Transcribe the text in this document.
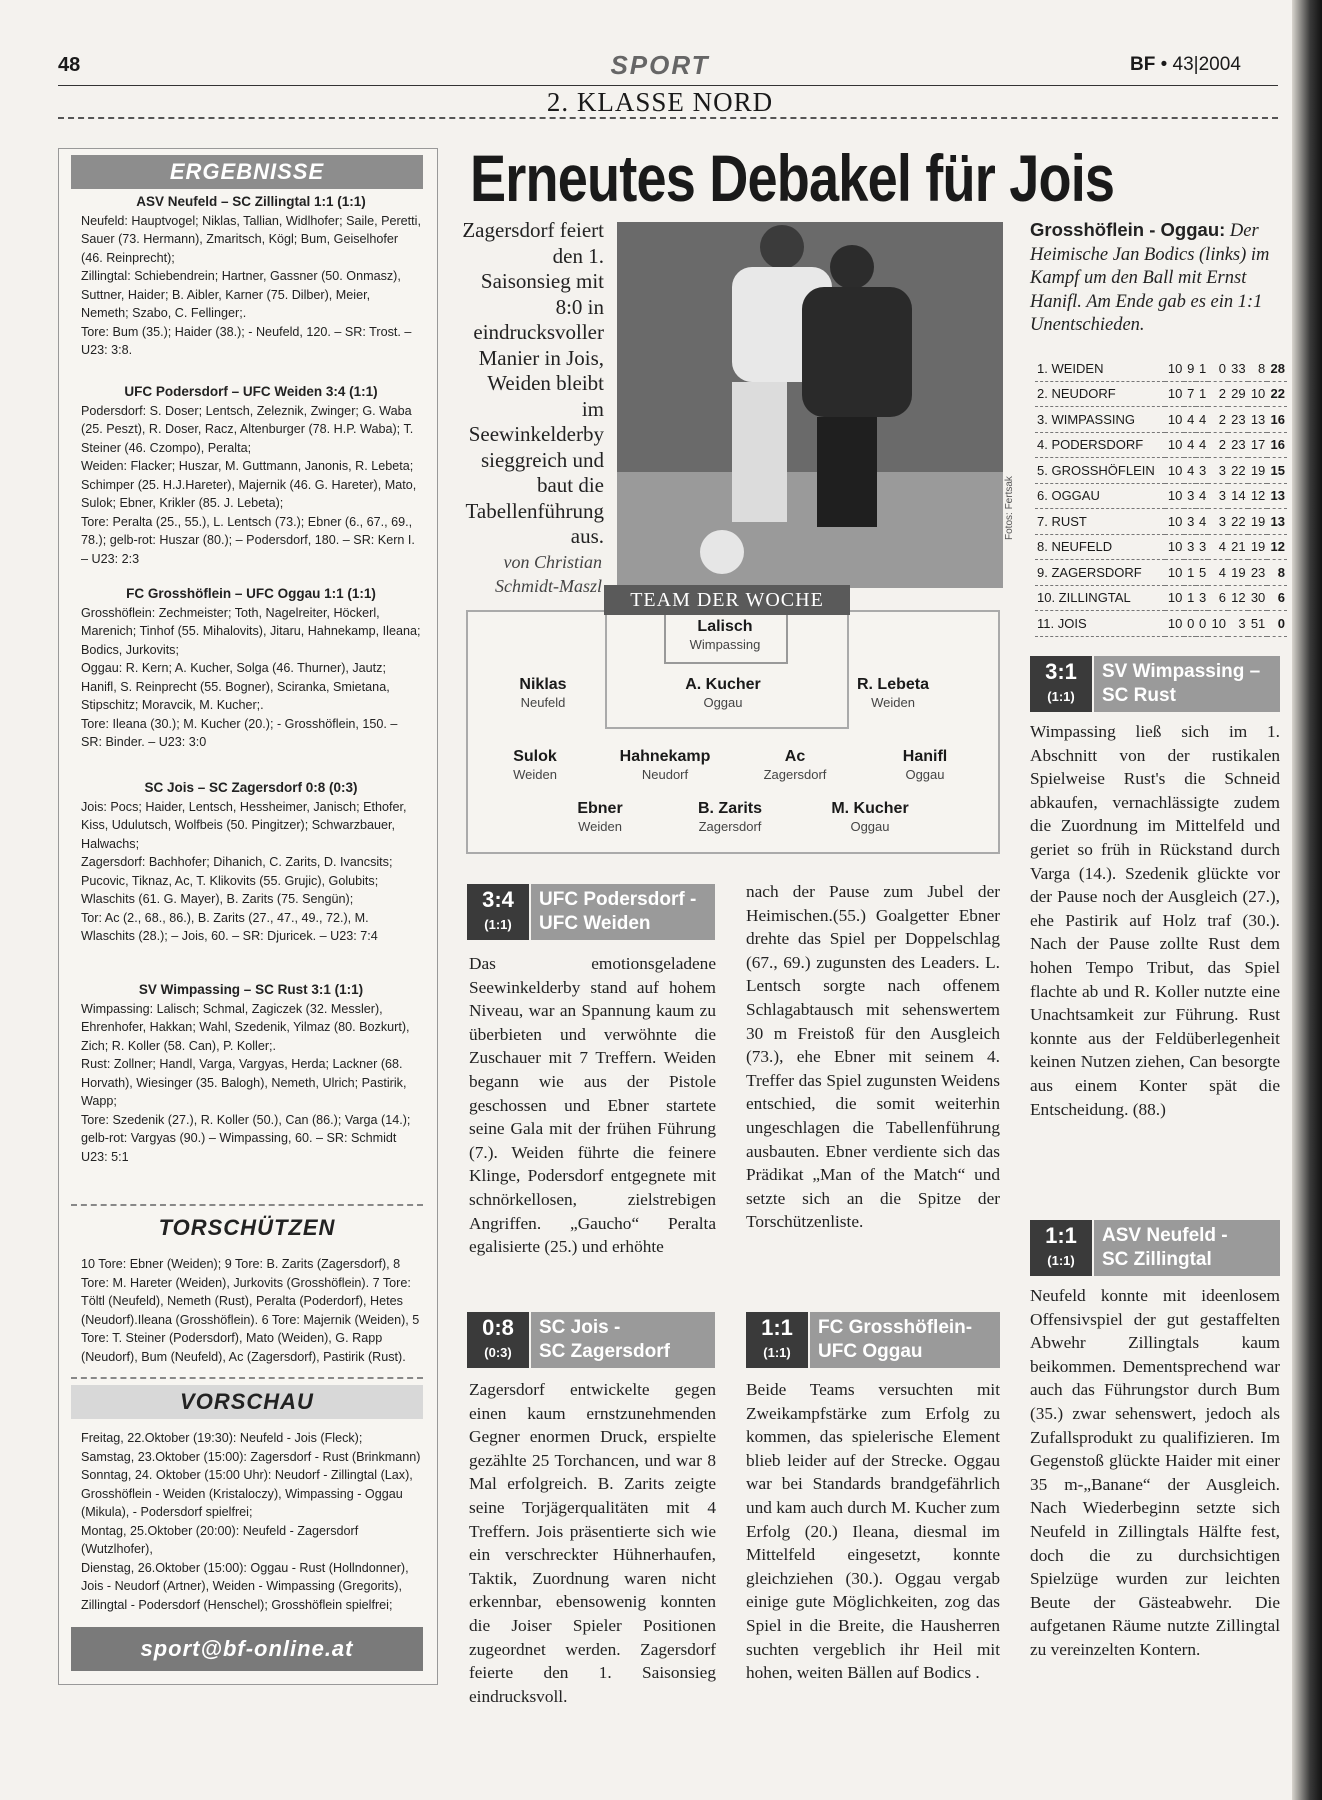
48	SPORT	BF • 43|2004
2. KLASSE NORD
ERGEBNISSE
ASV Neufeld – SC Zillingtal 1:1 (1:1)
Neufeld: Hauptvogel; Niklas, Tallian, Widlhofer; Saile, Peretti, Sauer (73. Hermann), Zmaritsch, Kögl; Bum, Geiselhofer (46. Reinprecht);
Zillingtal: Schiebendrein; Hartner, Gassner (50. Onmasz), Suttner, Haider; B. Aibler, Karner (75. Dilber), Meier, Nemeth; Szabo, C. Fellinger;.
Tore: Bum (35.); Haider (38.); - Neufeld, 120. – SR: Trost. – U23: 3:8.
UFC Podersdorf – UFC Weiden 3:4 (1:1)
Podersdorf: S. Doser; Lentsch, Zeleznik, Zwinger; G. Waba (25. Peszt), R. Doser, Racz, Altenburger (78. H.P. Waba); T. Steiner (46. Czompo), Peralta;
Weiden: Flacker; Huszar, M. Guttmann, Janonis, R. Lebeta; Schimper (25. H.J.Hareter), Majernik (46. G. Hareter), Mato, Sulok; Ebner, Krikler (85. J. Lebeta);
Tore: Peralta (25., 55.), L. Lentsch (73.); Ebner (6., 67., 69., 78.); gelb-rot: Huszar (80.); – Podersdorf, 180. – SR: Kern I. – U23: 2:3
FC Grosshöflein – UFC Oggau 1:1 (1:1)
Grosshöflein: Zechmeister; Toth, Nagelreiter, Höckerl, Marenich; Tinhof (55. Mihalovits), Jitaru, Hahnekamp, Ileana; Bodics, Jurkovits;
Oggau: R. Kern; A. Kucher, Solga (46. Thurner), Jautz; Hanifl, S. Reinprecht (55. Bogner), Sciranka, Smietana, Stipschitz; Moravcik, M. Kucher;.
Tore: Ileana (30.); M. Kucher (20.); - Grosshöflein, 150. – SR: Binder. – U23: 3:0
SC Jois – SC Zagersdorf 0:8 (0:3)
Jois: Pocs; Haider, Lentsch, Hessheimer, Janisch; Ethofer, Kiss, Udulutsch, Wolfbeis (50. Pingitzer); Schwarzbauer, Halwachs;
Zagersdorf: Bachhofer; Dihanich, C. Zarits, D. Ivancsits; Pucovic, Tiknaz, Ac, T. Klikovits (55. Grujic), Golubits; Wlaschits (61. G. Mayer), B. Zarits (75. Sengün);
Tor: Ac (2., 68., 86.), B. Zarits (27., 47., 49., 72.), M. Wlaschits (28.); – Jois, 60. – SR: Djuricek. – U23: 7:4
SV Wimpassing – SC Rust 3:1 (1:1)
Wimpassing: Lalisch; Schmal, Zagiczek (32. Messler), Ehrenhofer, Hakkan; Wahl, Szedenik, Yilmaz (80. Bozkurt), Zich; R. Koller (58. Can), P. Koller;.
Rust: Zollner; Handl, Varga, Vargyas, Herda; Lackner (68. Horvath), Wiesinger (35. Balogh), Nemeth, Ulrich; Pastirik, Wapp;
Tore: Szedenik (27.), R. Koller (50.), Can (86.); Varga (14.); gelb-rot: Vargyas (90.) – Wimpassing, 60. – SR: Schmidt U23: 5:1
TORSCHÜTZEN
10 Tore: Ebner (Weiden); 9 Tore: B. Zarits (Zagersdorf), 8 Tore: M. Hareter (Weiden), Jurkovits (Grosshöflein). 7 Tore: Töltl (Neufeld), Nemeth (Rust), Peralta (Poderdorf), Hetes (Neudorf).Ileana (Grosshöflein). 6 Tore: Majernik (Weiden), 5 Tore: T. Steiner (Podersdorf), Mato (Weiden), G. Rapp (Neudorf), Bum (Neufeld), Ac (Zagersdorf), Pastirik (Rust).
VORSCHAU
Freitag, 22.Oktober (19:30): Neufeld - Jois (Fleck);
Samstag, 23.Oktober (15:00): Zagersdorf - Rust (Brinkmann)
Sonntag, 24. Oktober (15:00 Uhr): Neudorf - Zillingtal (Lax), Grosshöflein - Weiden (Kristaloczy), Wimpassing - Oggau (Mikula), - Podersdorf spielfrei;
Montag, 25.Oktober (20:00): Neufeld - Zagersdorf (Wutzlhofer),
Dienstag, 26.Oktober (15:00): Oggau - Rust (Hollndonner), Jois - Neudorf (Artner), Weiden - Wimpassing (Gregorits), Zillingtal - Podersdorf (Henschel); Grosshöflein spielfrei;
sport@bf-online.at
Erneutes Debakel für Jois
Zagersdorf feiert den 1. Saisonsieg mit 8:0 in eindrucksvoller Manier in Jois, Weiden bleibt im Seewinkelderby sieggreich und baut die Tabellenführung aus.
von Christian Schmidt-Maszl
Fotos: Fertsak
Grosshöflein - Oggau: Der Heimische Jan Bodics (links) im Kampf um den Ball mit Ernst Hanifl. Am Ende gab es ein 1:1 Unentschieden.
1. WEIDEN	10	9	1	0	33	8	28
2. NEUDORF	10	7	1	2	29	10	22
3. WIMPASSING	10	4	4	2	23	13	16
4. PODERSDORF	10	4	4	2	23	17	16
5. GROSSHÖFLEIN	10	4	3	3	22	19	15
6. OGGAU	10	3	4	3	14	12	13
7. RUST	10	3	4	3	22	19	13
8. NEUFELD	10	3	3	4	21	19	12
9. ZAGERSDORF	10	1	5	4	19	23	8
10. ZILLINGTAL	10	1	3	6	12	30	6
11. JOIS	10	0	0	10	3	51	0
TEAM DER WOCHE
Lalisch
Wimpassing
Niklas
Neufeld
A. Kucher
Oggau
R. Lebeta
Weiden
Sulok
Weiden
Hahnekamp
Neudorf
Ac
Zagersdorf
Hanifl
Oggau
Ebner
Weiden
B. Zarits
Zagersdorf
M. Kucher
Oggau
3:4
(1:1)
UFC Podersdorf -
UFC Weiden
Das emotionsgeladene Seewinkelderby stand auf hohem Niveau, war an Spannung kaum zu überbieten und verwöhnte die Zuschauer mit 7 Treffern. Weiden begann wie aus der Pistole geschossen und Ebner startete seine Gala mit der frühen Führung (7.). Weiden führte die feinere Klinge, Podersdorf entgegnete mit schnörkellosen, zielstrebigen Angriffen. „Gaucho“ Peralta egalisierte (25.) und erhöhte
nach der Pause zum Jubel der Heimischen.(55.) Goalgetter Ebner drehte das Spiel per Doppelschlag (67., 69.) zugunsten des Leaders. L. Lentsch sorgte nach offenem Schlagabtausch mit sehenswertem 30 m Freistoß für den Ausgleich (73.), ehe Ebner mit seinem 4. Treffer das Spiel zugunsten Weidens entschied, die somit weiterhin ungeschlagen die Tabellenführung ausbauten. Ebner verdiente sich das Prädikat „Man of the Match“ und setzte sich an die Spitze der Torschützenliste.
0:8
(0:3)
SC Jois -
SC Zagersdorf
Zagersdorf entwickelte gegen einen kaum ernstzunehmenden Gegner enormen Druck, erspielte gezählte 25 Torchancen, und war 8 Mal erfolgreich. B. Zarits zeigte seine Torjägerqualitäten mit 4 Treffern. Jois präsentierte sich wie ein verschreckter Hühnerhaufen, Taktik, Zuordnung waren nicht erkennbar, ebensowenig konnten die Joiser Spieler Positionen zugeordnet werden. Zagersdorf feierte den 1. Saisonsieg eindrucksvoll.
1:1
(1:1)
FC Grosshöflein-
UFC Oggau
Beide Teams versuchten mit Zweikampfstärke zum Erfolg zu kommen, das spielerische Element blieb leider auf der Strecke. Oggau war bei Standards brandgefährlich und kam auch durch M. Kucher zum Erfolg (20.) Ileana, diesmal im Mittelfeld eingesetzt, konnte gleichziehen (30.). Oggau vergab einige gute Möglichkeiten, zog das Spiel in die Breite, die Hausherren suchten vergeblich ihr Heil mit hohen, weiten Bällen auf Bodics .
3:1
(1:1)
SV Wimpassing –
SC Rust
Wimpassing ließ sich im 1. Abschnitt von der rustikalen Spielweise Rust's die Schneid abkaufen, vernachlässigte zudem die Zuordnung im Mittelfeld und geriet so früh in Rückstand durch Varga (14.). Szedenik glückte vor der Pause noch der Ausgleich (27.), ehe Pastirik auf Holz traf (30.). Nach der Pause zollte Rust dem hohen Tempo Tribut, das Spiel flachte ab und R. Koller nutzte eine Unachtsamkeit zur Führung. Rust konnte aus der Feldüberlegenheit keinen Nutzen ziehen, Can besorgte aus einem Konter spät die Entscheidung. (88.)
1:1
(1:1)
ASV Neufeld -
SC Zillingtal
Neufeld konnte mit ideenlosem Offensivspiel der gut gestaffelten Abwehr Zillingtals kaum beikommen. Dementsprechend war auch das Führungstor durch Bum (35.) zwar sehenswert, jedoch als Zufallsprodukt zu qualifizieren. Im Gegenstoß glückte Haider mit einer 35 m-„Banane“ der Ausgleich. Nach Wiederbeginn setzte sich Neufeld in Zillingtals Hälfte fest, doch die zu durchsichtigen Spielzüge wurden zur leichten Beute der Gästeabwehr. Die aufgetanen Räume nutzte Zillingtal zu vereinzelten Kontern.
